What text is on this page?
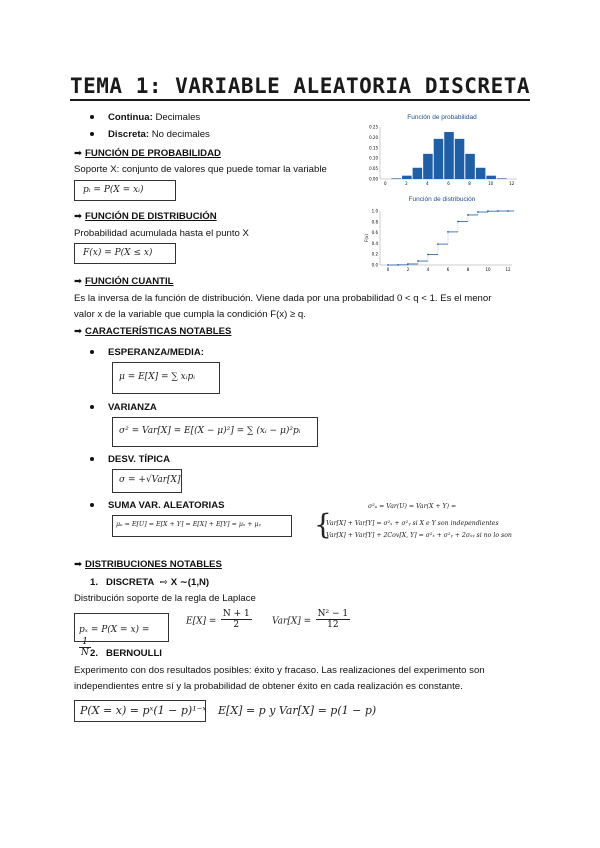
TEMA 1: VARIABLE ALEATORIA DISCRETA
Continua: Decimales
Discreta: No decimales
➡ FUNCIÓN DE PROBABILIDAD
Soporte X: conjunto de valores que puede tomar la variable
pᵢ = P(X = xᵢ)
Función de probabilidad
0.25
0.20
0.15
0.10
0.05
0.00
0	2	4	6	8	10	12
Función de distribución
1.0
0.8
0.6
0.4
0.2
0.0
0	2	4	6	8	10	12
F(x)
➡ FUNCIÓN DE DISTRIBUCIÓN
Probabilidad acumulada hasta el punto X
F(x) = P(X ≤ x)
➡ FUNCIÓN CUANTIL
Es la inversa de la función de distribución. Viene dada por una probabilidad 0 < q < 1. Es el menor
valor x de la variable que cumpla la condición F(x) ≥ q.
➡ CARACTERÍSTICAS NOTABLES
ESPERANZA/MEDIA:
μ = E[X] = ∑ xᵢpᵢ
VARIANZA
σ² = Var[X] = E[(X − μ)²] = ∑ (xᵢ − μ)²pᵢ
DESV. TÍPICA
σ = +√Var[X]
SUMA VAR. ALEATORIAS
μᵤ = E[U] = E[X + Y] = E[X] + E[Y] = μₓ + μᵧ
σ²ᵤ = Var(U) = Var(X + Y) =
{
Var[X] + Var[Y] = σ²ₓ + σ²ᵧ si X e Y son independientes
Var[X] + Var[Y] + 2Cov[X, Y] = σ²ₓ + σ²ᵧ + 2σₓᵧ si no lo son
➡ DISTRIBUCIONES NOTABLES
1. DISCRETA ⇨ X ∼(1,N)
Distribución soporte de la regla de Laplace
pₓ = P(X = x) =
$\frac{1}{N}$
$E[X] = \frac{N + 1}{2} Var[X] = \frac{\text{N² − 1}}{12}$
2. BERNOULLI
Experimento con dos resultados posibles: éxito y fracaso. Las realizaciones del experimento son
independientes entre sí y la probabilidad de obtener éxito en cada realización es constante.
P(X = x) = pˣ(1 − p)¹⁻ˣ E[X] = p y Var[X] = p(1 − p)
